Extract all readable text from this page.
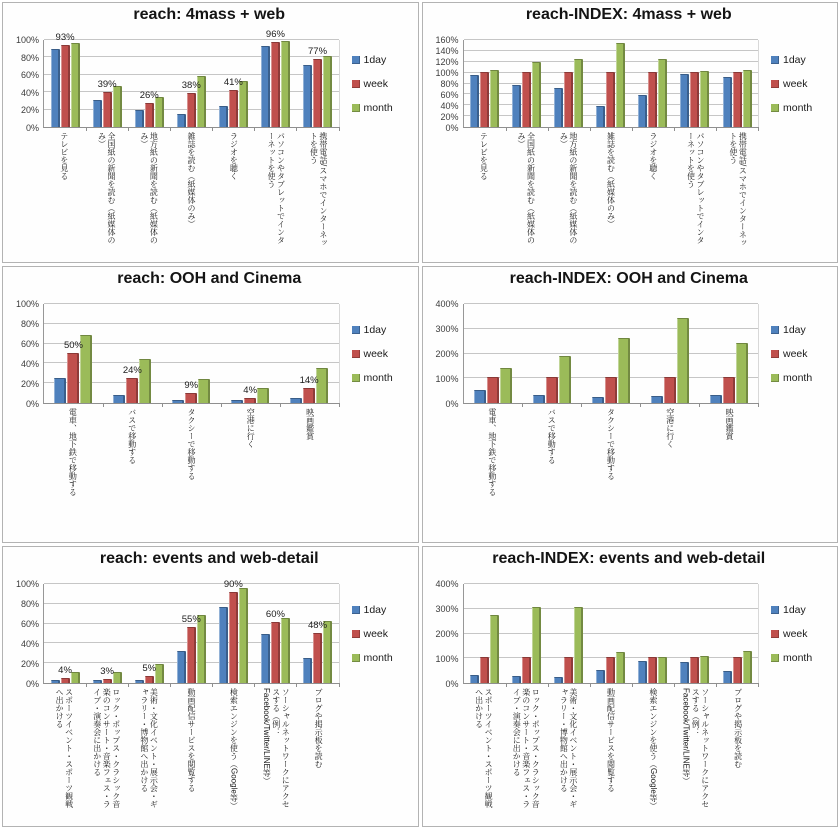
reach: 4mass + web
0%
20%
40%
60%
80%
100%	93%
39%
26%
38%	41%
96%
77%
1day
week
month
テレビを見る	全国紙の新聞を読む（紙媒体のみ）	地方紙の新聞を読む（紙媒体のみ）	雑誌を読む（紙媒体のみ）	ラジオを聴く	パソコンやタブレットでインターネットを使う	携帯電話/スマホでインターネットを使う
reach-INDEX: 4mass + web
0%
20%
40%
60%
80%
100%
120%
140%
160%
1day
week
month
テレビを見る	全国紙の新聞を読む（紙媒体のみ）	地方紙の新聞を読む（紙媒体のみ）	雑誌を読む（紙媒体のみ）	ラジオを聴く	パソコンやタブレットでインターネットを使う	携帯電話/スマホでインターネットを使う
reach: OOH and Cinema
0%
20%
40%
60%
80%
100%
50%
24%
9%	4%
14%
1day
week
month
電車、地下鉄で移動する	バスで移動する	タクシーで移動する	空港に行く	映画鑑賞
reach-INDEX: OOH and Cinema
0%
100%
200%
300%
400%
1day
week
month
電車、地下鉄で移動する	バスで移動する	タクシーで移動する	空港に行く	映画鑑賞
reach: events and web-detail
0%
20%
40%
60%
80%
100%
4%	3%	5%
55%
90%
60%
48%
1day
week
month
スポーツイベント・スポーツ観戦へ出かける	ロック・ポップス・クラシック音楽のコンサート・音楽フェス・ライブ・演奏会に出かける	美術・文化イベント・展示会・ギャラリー・博物館へ出かける	動画配信サービスを閲覧する	検索エンジンを使う（Google等）	ソーシャルネットワークにアクセスする（例：Facebook/Twitter/LINE等）	ブログや掲示板を読む
reach-INDEX: events and web-detail
0%
100%
200%
300%
400%
1day
week
month
スポーツイベント・スポーツ観戦へ出かける	ロック・ポップス・クラシック音楽のコンサート・音楽フェス・ライブ・演奏会に出かける	美術・文化イベント・展示会・ギャラリー・博物館へ出かける	動画配信サービスを閲覧する	検索エンジンを使う（Google等）	ソーシャルネットワークにアクセスする（例：Facebook/Twitter/LINE等）	ブログや掲示板を読む
